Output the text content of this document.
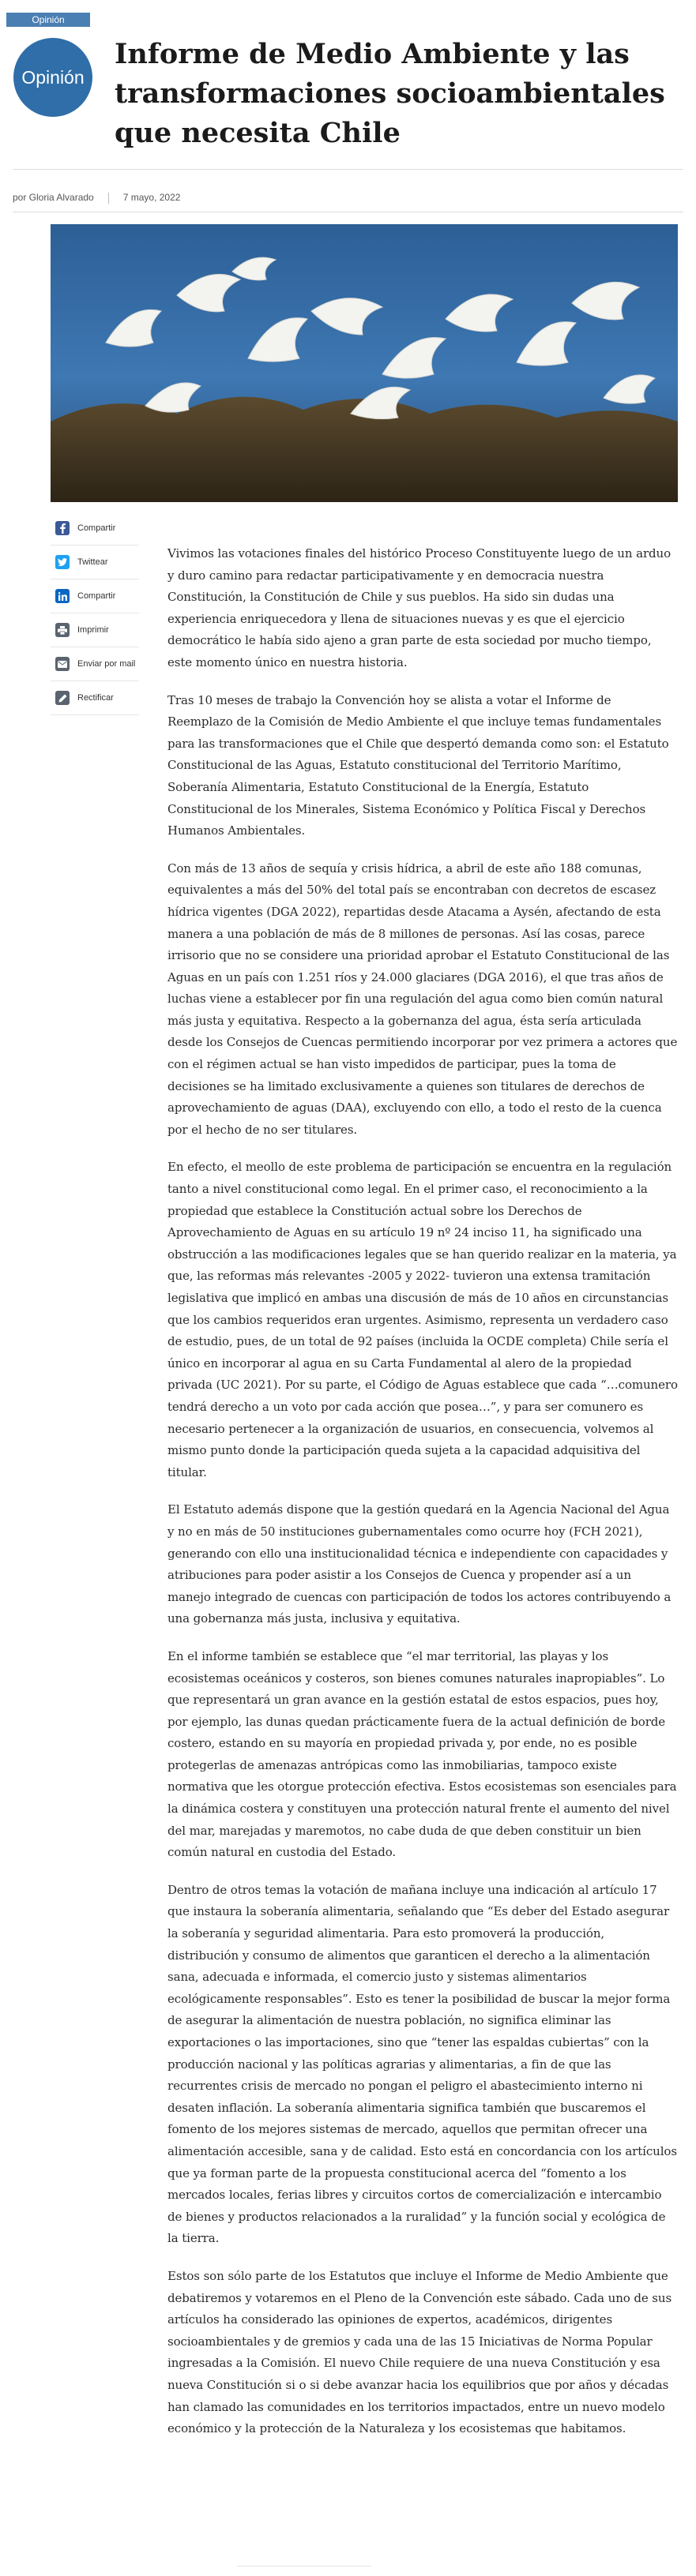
Opinión
Opinión
Informe de Medio Ambiente y las transformaciones socioambientales que necesita Chile
por Gloria Alvarado	7 mayo, 2022
Compartir
Twittear
Compartir
Imprimir
Enviar por mail
Rectificar

Vivimos las votaciones finales del histórico Proceso Constituyente luego de un arduo y duro camino para redactar participativamente y en democracia nuestra Constitución, la Constitución de Chile y sus pueblos. Ha sido sin dudas una experiencia enriquecedora y llena de situaciones nuevas y es que el ejercicio democrático le había sido ajeno a gran parte de esta sociedad por mucho tiempo, este momento único en nuestra historia.

Tras 10 meses de trabajo la Convención hoy se alista a votar el Informe de Reemplazo de la Comisión de Medio Ambiente el que incluye temas fundamentales para las transformaciones que el Chile que despertó demanda como son: el Estatuto Constitucional de las Aguas, Estatuto constitucional del Territorio Marítimo, Soberanía Alimentaria, Estatuto Constitucional de la Energía, Estatuto Constitucional de los Minerales, Sistema Económico y Política Fiscal y Derechos Humanos Ambientales.

Con más de 13 años de sequía y crisis hídrica, a abril de este año 188 comunas, equivalentes a más del 50% del total país se encontraban con decretos de escasez hídrica vigentes (DGA 2022), repartidas desde Atacama a Aysén, afectando de esta manera a una población de más de 8 millones de personas. Así las cosas, parece irrisorio que no se considere una prioridad aprobar el Estatuto Constitucional de las Aguas en un país con 1.251 ríos y 24.000 glaciares (DGA 2016), el que tras años de luchas viene a establecer por fin una regulación del agua como bien común natural más justa y equitativa. Respecto a la gobernanza del agua, ésta sería articulada desde los Consejos de Cuencas permitiendo incorporar por vez primera a actores que con el régimen actual se han visto impedidos de participar, pues la toma de decisiones se ha limitado exclusivamente a quienes son titulares de derechos de aprovechamiento de aguas (DAA), excluyendo con ello, a todo el resto de la cuenca por el hecho de no ser titulares.

En efecto, el meollo de este problema de participación se encuentra en la regulación tanto a nivel constitucional como legal. En el primer caso, el reconocimiento a la propiedad que establece la Constitución actual sobre los Derechos de Aprovechamiento de Aguas en su artículo 19 nº 24 inciso 11, ha significado una obstrucción a las modificaciones legales que se han querido realizar en la materia, ya que, las reformas más relevantes -2005 y 2022- tuvieron una extensa tramitación legislativa que implicó en ambas una discusión de más de 10 años en circunstancias que los cambios requeridos eran urgentes. Asimismo, representa un verdadero caso de estudio, pues, de un total de 92 países (incluida la OCDE completa) Chile sería el único en incorporar al agua en su Carta Fundamental al alero de la propiedad privada (UC 2021). Por su parte, el Código de Aguas establece que cada “…comunero tendrá derecho a un voto por cada acción que posea…”, y para ser comunero es necesario pertenecer a la organización de usuarios, en consecuencia, volvemos al mismo punto donde la participación queda sujeta a la capacidad adquisitiva del titular.

El Estatuto además dispone que la gestión quedará en la Agencia Nacional del Agua y no en más de 50 instituciones gubernamentales como ocurre hoy (FCH 2021), generando con ello una institucionalidad técnica e independiente con capacidades y atribuciones para poder asistir a los Consejos de Cuenca y propender así a un manejo integrado de cuencas con participación de todos los actores contribuyendo a una gobernanza más justa, inclusiva y equitativa.

En el informe también se establece que “el mar territorial, las playas y los ecosistemas oceánicos y costeros, son bienes comunes naturales inapropiables”. Lo que representará un gran avance en la gestión estatal de estos espacios, pues hoy, por ejemplo, las dunas quedan prácticamente fuera de la actual definición de borde costero, estando en su mayoría en propiedad privada y, por ende, no es posible protegerlas de amenazas antrópicas como las inmobiliarias, tampoco existe normativa que les otorgue protección efectiva. Estos ecosistemas son esenciales para la dinámica costera y constituyen una protección natural frente el aumento del nivel del mar, marejadas y maremotos, no cabe duda de que deben constituir un bien común natural en custodia del Estado.

Dentro de otros temas la votación de mañana incluye una indicación al artículo 17 que instaura la soberanía alimentaria, señalando que “Es deber del Estado asegurar la soberanía y seguridad alimentaria. Para esto promoverá la producción, distribución y consumo de alimentos que garanticen el derecho a la alimentación sana, adecuada e informada, el comercio justo y sistemas alimentarios ecológicamente responsables”. Esto es tener la posibilidad de buscar la mejor forma de asegurar la alimentación de nuestra población, no significa eliminar las exportaciones o las importaciones, sino que “tener las espaldas cubiertas” con la producción nacional y las políticas agrarias y alimentarias, a fin de que las recurrentes crisis de mercado no pongan el peligro el abastecimiento interno ni desaten inflación. La soberanía alimentaria significa también que buscaremos el fomento de los mejores sistemas de mercado, aquellos que permitan ofrecer una alimentación accesible, sana y de calidad. Esto está en concordancia con los artículos que ya forman parte de la propuesta constitucional acerca del “fomento a los mercados locales, ferias libres y circuitos cortos de comercialización e intercambio de bienes y productos relacionados a la ruralidad” y la función social y ecológica de la tierra.

Estos son sólo parte de los Estatutos que incluye el Informe de Medio Ambiente que debatiremos y votaremos en el Pleno de la Convención este sábado. Cada uno de sus artículos ha considerado las opiniones de expertos, académicos, dirigentes socioambientales y de gremios y cada una de las 15 Iniciativas de Norma Popular ingresadas a la Comisión. El nuevo Chile requiere de una nueva Constitución y esa nueva Constitución si o si debe avanzar hacia los equilibrios que por años y décadas han clamado las comunidades en los territorios impactados, entre un nuevo modelo económico y la protección de la Naturaleza y los ecosistemas que habitamos.
